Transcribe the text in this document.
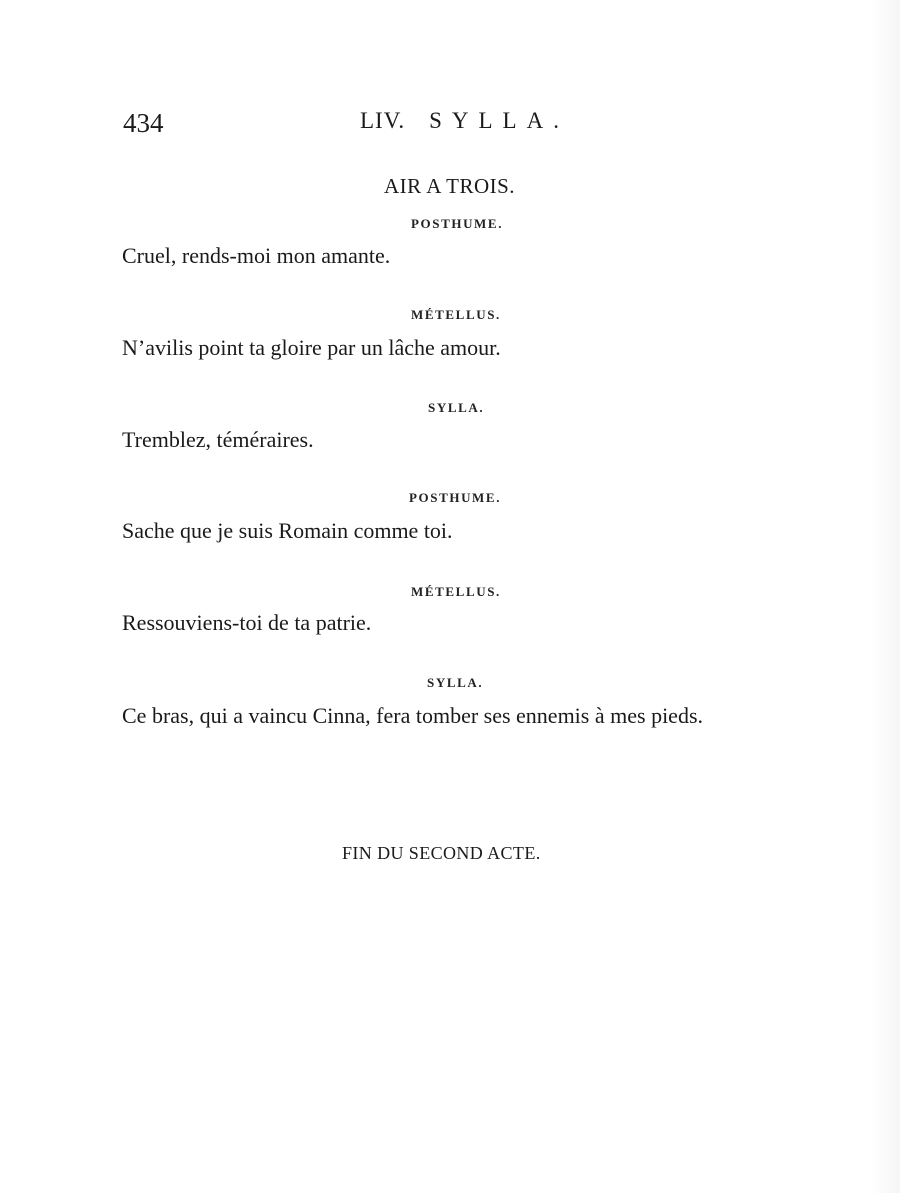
434	LIV. SYLLA.
AIR A TROIS.
POSTHUME.
Cruel, rends-moi mon amante.
MÉTELLUS.
N’avilis point ta gloire par un lâche amour.
SYLLA.
Tremblez, téméraires.
POSTHUME.
Sache que je suis Romain comme toi.
MÉTELLUS.
Ressouviens-toi de ta patrie.
SYLLA.
Ce bras, qui a vaincu Cinna, fera tomber ses ennemis à mes pieds.
FIN DU SECOND ACTE.
